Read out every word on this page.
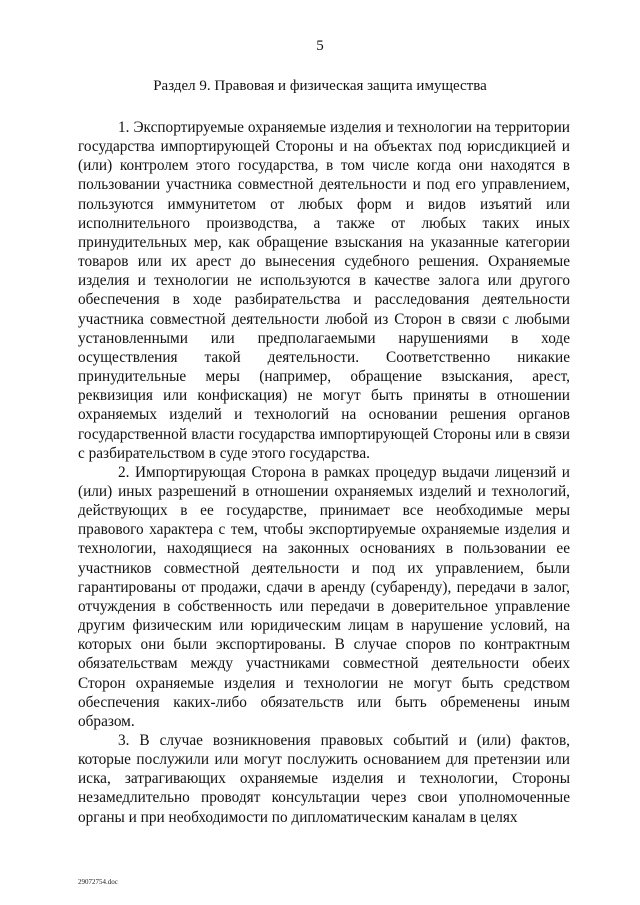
5
Раздел 9. Правовая и физическая защита имущества

1. Экспортируемые охраняемые изделия и технологии на территории государства импортирующей Стороны и на объектах под юрисдикцией и (или) контролем этого государства, в том числе когда они находятся в пользовании участника совместной деятельности и под его управлением, пользуются иммунитетом от любых форм и видов изъятий или исполнительного производства, а также от любых таких иных принудительных мер, как обращение взыскания на указанные категории товаров или их арест до вынесения судебного решения. Охраняемые изделия и технологии не используются в качестве залога или другого обеспечения в ходе разбирательства и расследования деятельности участника совместной деятельности любой из Сторон в связи с любыми установленными или предполагаемыми нарушениями в ходе осуществления такой деятельности. Соответственно никакие принудительные меры (например, обращение взыскания, арест, реквизиция или конфискация) не могут быть приняты в отношении охраняемых изделий и технологий на основании решения органов государственной власти государства импортирующей Стороны или в связи с разбирательством в суде этого государства.

2. Импортирующая Сторона в рамках процедур выдачи лицензий и (или) иных разрешений в отношении охраняемых изделий и технологий, действующих в ее государстве, принимает все необходимые меры правового характера с тем, чтобы экспортируемые охраняемые изделия и технологии, находящиеся на законных основаниях в пользовании ее участников совместной деятельности и под их управлением, были гарантированы от продажи, сдачи в аренду (субаренду), передачи в залог, отчуждения в собственность или передачи в доверительное управление другим физическим или юридическим лицам в нарушение условий, на которых они были экспортированы. В случае споров по контрактным обязательствам между участниками совместной деятельности обеих Сторон охраняемые изделия и технологии не могут быть средством обеспечения каких-либо обязательств или быть обременены иным образом.

3. В случае возникновения правовых событий и (или) фактов, которые послужили или могут послужить основанием для претензии или иска, затрагивающих охраняемые изделия и технологии, Стороны незамедлительно проводят консультации через свои уполномоченные органы и при необходимости по дипломатическим каналам в целях

29072754.doc
